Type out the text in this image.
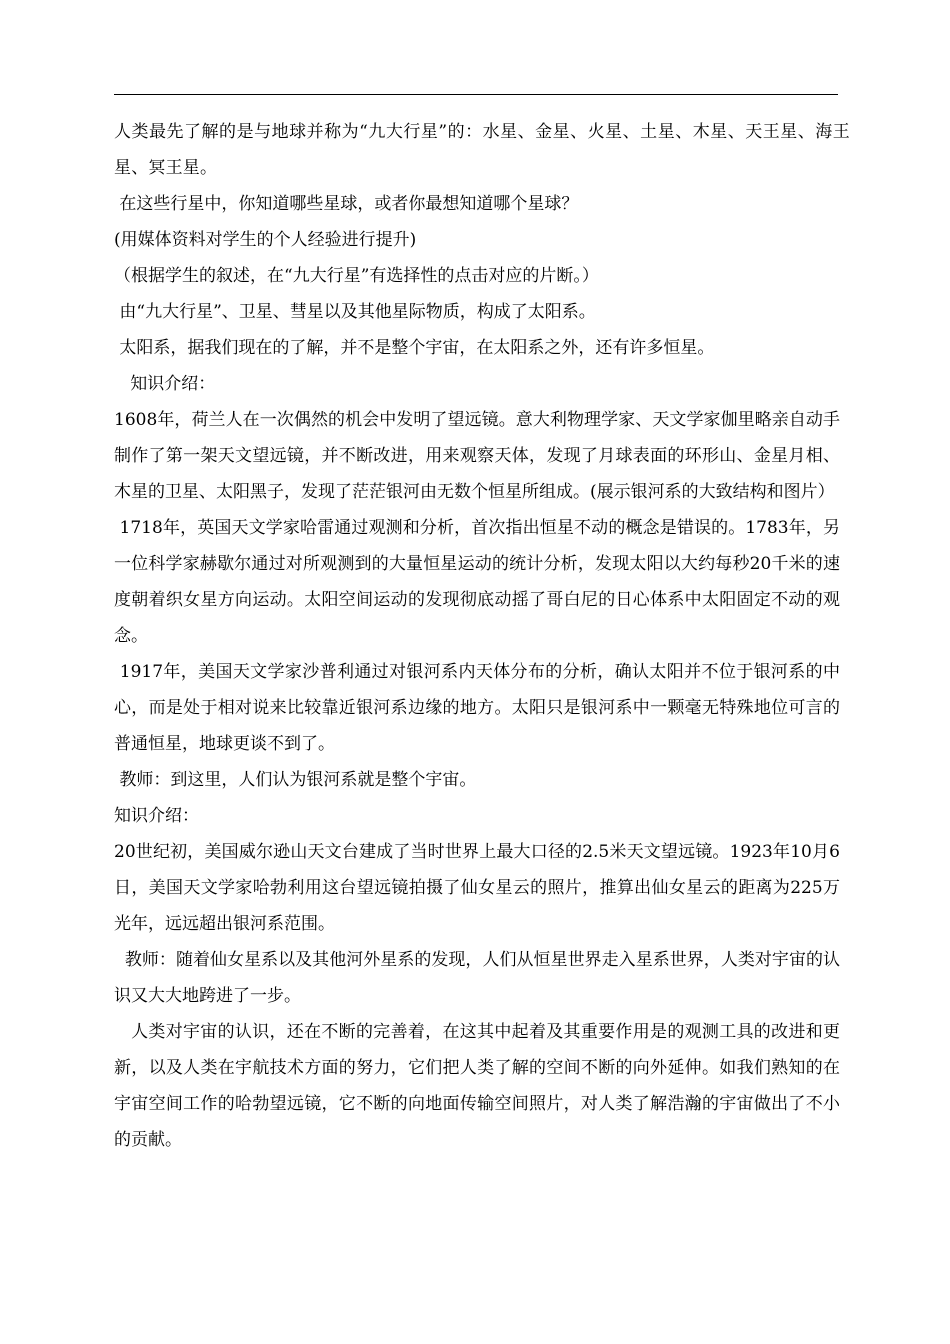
人类最先了解的是与地球并称为“九大行星”的：水星、金星、火星、土星、木星、天王星、海王星、冥王星。

在这些行星中，你知道哪些星球，或者你最想知道哪个星球？

(用媒体资料对学生的个人经验进行提升)

（根据学生的叙述，在“九大行星”有选择性的点击对应的片断。）

由“九大行星”、卫星、彗星以及其他星际物质，构成了太阳系。

太阳系，据我们现在的了解，并不是整个宇宙，在太阳系之外，还有许多恒星。

知识介绍：

1608年，荷兰人在一次偶然的机会中发明了望远镜。意大利物理学家、天文学家伽里略亲自动手制作了第一架天文望远镜，并不断改进，用来观察天体，发现了月球表面的环形山、金星月相、木星的卫星、太阳黑子，发现了茫茫银河由无数个恒星所组成。(展示银河系的大致结构和图片）

1718年，英国天文学家哈雷通过观测和分析，首次指出恒星不动的概念是错误的。1783年，另一位科学家赫歇尔通过对所观测到的大量恒星运动的统计分析，发现太阳以大约每秒20千米的速度朝着织女星方向运动。太阳空间运动的发现彻底动摇了哥白尼的日心体系中太阳固定不动的观念。

1917年，美国天文学家沙普利通过对银河系内天体分布的分析，确认太阳并不位于银河系的中心，而是处于相对说来比较靠近银河系边缘的地方。太阳只是银河系中一颗毫无特殊地位可言的普通恒星，地球更谈不到了。

教师：到这里，人们认为银河系就是整个宇宙。

知识介绍：

20世纪初，美国威尔逊山天文台建成了当时世界上最大口径的2.5米天文望远镜。1923年10月6日，美国天文学家哈勃利用这台望远镜拍摄了仙女星云的照片，推算出仙女星云的距离为225万光年，远远超出银河系范围。

教师：随着仙女星系以及其他河外星系的发现，人们从恒星世界走入星系世界，人类对宇宙的认识又大大地跨进了一步。

人类对宇宙的认识，还在不断的完善着，在这其中起着及其重要作用是的观测工具的改进和更新，以及人类在宇航技术方面的努力，它们把人类了解的空间不断的向外延伸。如我们熟知的在宇宙空间工作的哈勃望远镜，它不断的向地面传输空间照片，对人类了解浩瀚的宇宙做出了不小的贡献。
